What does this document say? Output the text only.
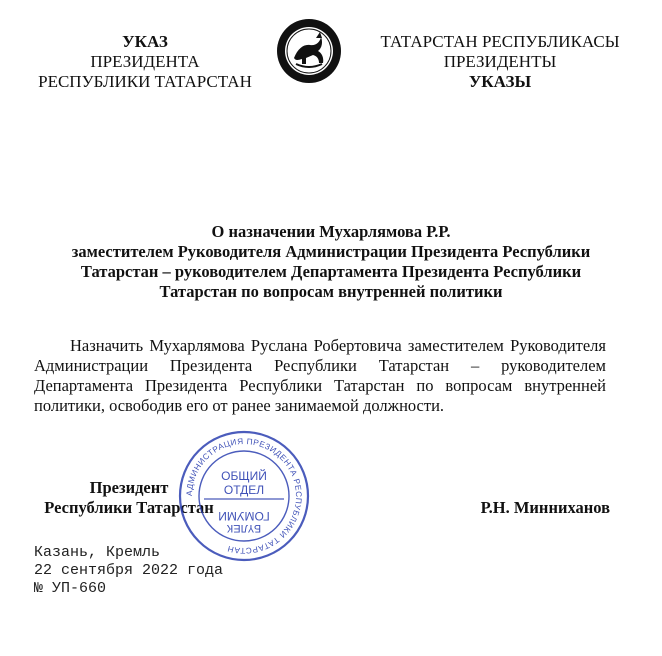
УКАЗ
ПРЕЗИДЕНТА
РЕСПУБЛИКИ ТАТАРСТАН
ТАТАРСТАН РЕСПУБЛИКАСЫ
ПРЕЗИДЕНТЫ
УКАЗЫ
О назначении Мухарлямова Р.Р.
заместителем Руководителя Администрации Президента Республики
Татарстан – руководителем Департамента Президента Республики
Татарстан по вопросам внутренней политики
Назначить Мухарлямова Руслана Робертовича заместителем Руководителя Администрации Президента Республики Татарстан – руководителем Департамента Президента Республики Татарстан по вопросам внутренней политики, освободив его от ранее занимаемой должности.
Президент
Республики Татарстан
АДМИНИСТРАЦИЯ ПРЕЗИДЕНТА РЕСПУБЛИКИ ТАТАРСТАН
ОБЩИЙ
ОТДЕЛ
ГОМУМИ
БҮЛЕК
Р.Н. Минниханов
Казань, Кремль
22 сентября 2022 года
№ УП-660
